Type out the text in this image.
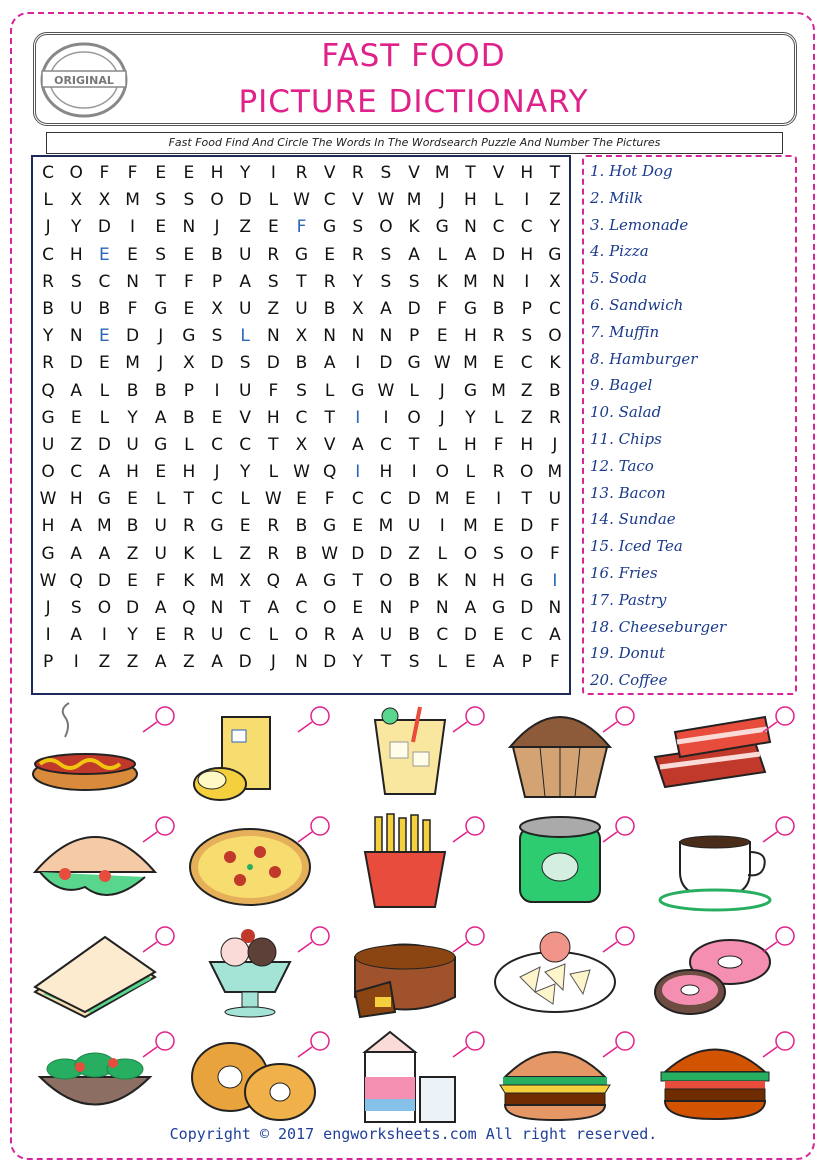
ORIGINAL
FAST FOOD
PICTURE DICTIONARY
Fast Food Find And Circle The Words In The Wordsearch Puzzle And Number The Pictures
C O F	F	E	E H Y	I	R V R S V M T	V H T
L	X X M S	S O D L W C V W M	J	H	L	I	Z
J	Y D	I	E N	J	Z E	F G S O K G N C C	Y
C H E	E	S	E B U R G E R S A	L	A D H G
R S C N T	F	P	A S	T	R	Y	S	S	K M N	I	X
B U B	F G E X U Z U B X A D F G B	P	C
Y N E D	J	G S	L	N X N N N P	E H R S O
R D E M	J	X D S D B A	I	D G W M E C K
Q A	L	B B	P	I	U	F	S	L G W L	J	G M Z B
G E	L	Y	A B E V H C	T	I	I	O	J	Y	L	Z R
U Z D U G L	C C	T	X V A C	T	L	H F H	J
O C A H E H	J	Y	L W Q	I	H	I	O L	R O M
W H G E	L	T	C	L W E	F	C C D M E	I	T U
H A M B U R G E R B G E M U	I	M E D F
G A A Z U K	L	Z R B W D D Z	L O S O F
W Q D E	F	K M X Q A G T O B K N H G	I
J	S O D A Q N T	A C O E N P N A G D N
I	A	I	Y	E R U C	L O R A U B C D E C A
P	I	Z Z A Z A D	J	N D Y	T	S	L	E A	P	F
1. Hot Dog
2. Milk
3. Lemonade
4. Pizza
5. Soda
6. Sandwich
7. Muffin
8. Hamburger
9. Bagel
10. Salad
11. Chips
12. Taco
13. Bacon
14. Sundae
15. Iced Tea
16. Fries
17. Pastry
18. Cheeseburger
19. Donut
20. Coffee
Copyright © 2017 engworksheets.com All right reserved.
